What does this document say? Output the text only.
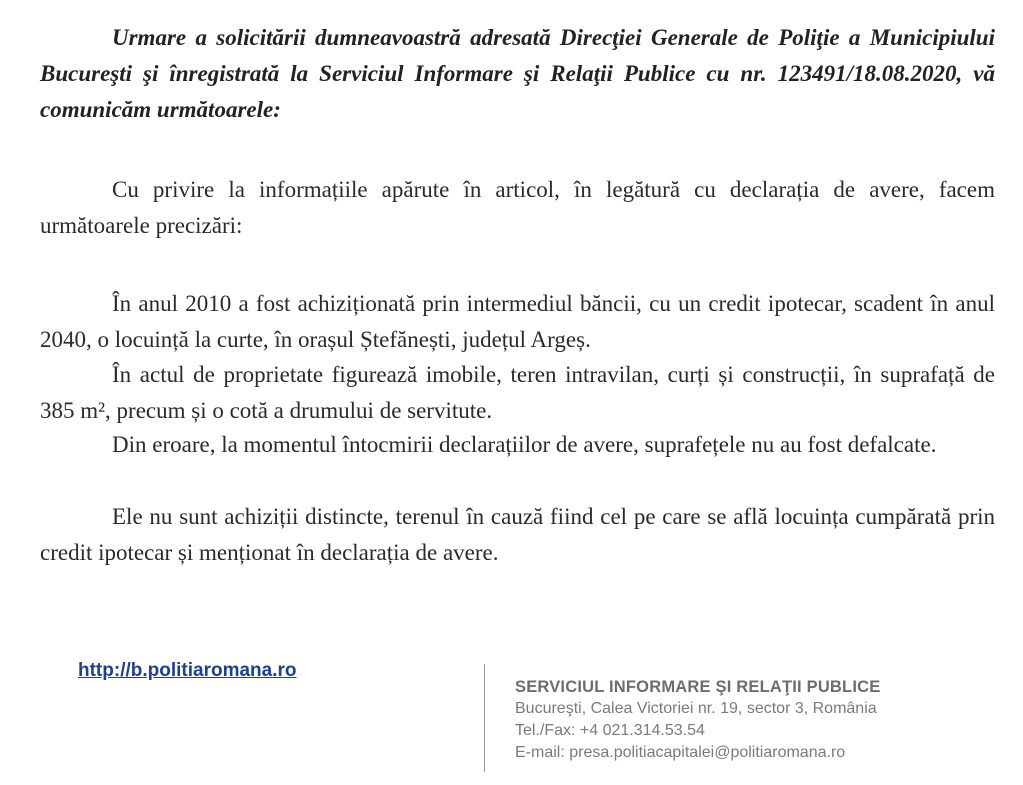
Urmare a solicitării dumneavoastră adresată Direcţiei Generale de Poliţie a Municipiului Bucureşti şi înregistrată la Serviciul Informare şi Relaţii Publice cu nr. 123491/18.08.2020, vă comunicăm următoarele:

Cu privire la informațiile apărute în articol, în legătură cu declarația de avere, facem următoarele precizări:

În anul 2010 a fost achiziționată prin intermediul băncii, cu un credit ipotecar, scadent în anul 2040, o locuință la curte, în orașul Ștefănești, județul Argeș.

În actul de proprietate figurează imobile, teren intravilan, curți și construcții, în suprafață de 385 m², precum și o cotă a drumului de servitute.

Din eroare, la momentul întocmirii declarațiilor de avere, suprafețele nu au fost defalcate.

Ele nu sunt achiziții distincte, terenul în cauză fiind cel pe care se află locuința cumpărată prin credit ipotecar și menționat în declarația de avere.

http://b.politiaromana.ro
SERVICIUL INFORMARE ŞI RELAŢII PUBLICE
Bucureşti, Calea Victoriei nr. 19, sector 3, România
Tel./Fax: +4 021.314.53.54
E-mail: presa.politiacapitalei@politiaromana.ro
